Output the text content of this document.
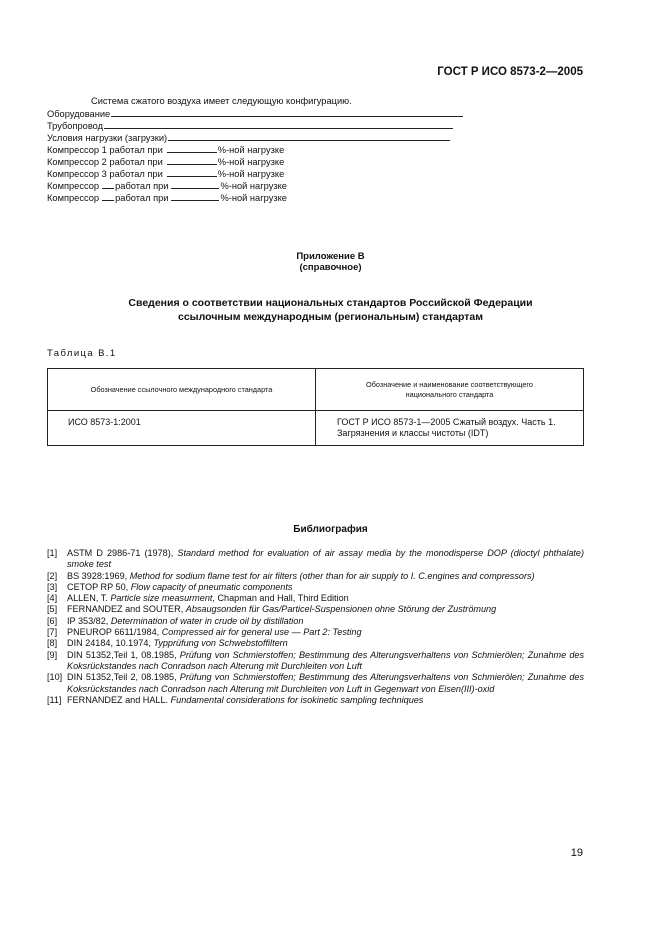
ГОСТ Р ИСО 8573-2—2005
Система сжатого воздуха имеет следующую конфигурацию.
Оборудование
Трубопровод
Условия нагрузки (загрузки)
Компрессор 1 работал при	%-ной нагрузке
Компрессор 2 работал при	%-ной нагрузке
Компрессор 3 работал при	%-ной нагрузке
Компрессор работал при	%-ной нагрузке
Компрессор работал при	%-ной нагрузке
Приложение В
(справочное)
Сведения о соответствии национальных стандартов Российской Федерации
ссылочным международным (региональным) стандартам
Таблица В.1
Обозначение ссылочного международного стандарта	Обозначение и наименование соответствующего
национального стандарта

ИСО 8573-1:2001	ГОСТ Р ИСО 8573-1—2005 Сжатый воздух. Часть 1.
Загрязнения и классы чистоты (IDT)
Библиография
[1]	ASTM D 2986-71 (1978), Standard method for evaluation of air assay media by the monodisperse DOP (dioctyl phthalate) smoke test
[2]	BS 3928:1969, Method for sodium flame test for air filters (other than for air supply to I. C.engines and compressors)
[3]	CETOP RP 50, Flow capacity of pneumatic components
[4]	ALLEN, T. Particle size measurment, Chapman and Hall, Third Edition
[5]	FERNANDEZ and SOUTER, Absaugsonden für Gas/Particel-Suspensionen ohne Störung der Zuströmung
[6]	IP 353/82, Determination of water in crude oil by distillation
[7]	PNEUROP 6611/1984, Compressed air for general use — Part 2: Testing
[8]	DIN 24184, 10.1974, Typprüfung von Schwebstoffiltern
[9]	DIN 51352,Teil 1, 08.1985, Prüfung von Schmierstoffen; Bestimmung des Alterungsverhaltens von Schmierölen; Zunahme des Koksrückstandes nach Conradson nach Alterung mit Durchleiten von Luft
[10] DIN 51352,Teil 2, 08.1985, Prüfung von Schmierstoffen; Bestimmung des Alterungsverhaltens von Schmierölen; Zunahme des Koksrückstandes nach Conradson nach Alterung mit Durchleiten von Luft in Gegenwart von Eisen(III)-oxid
[11] FERNANDEZ and HALL. Fundamental considerations for isokinetic sampling techniques
19
